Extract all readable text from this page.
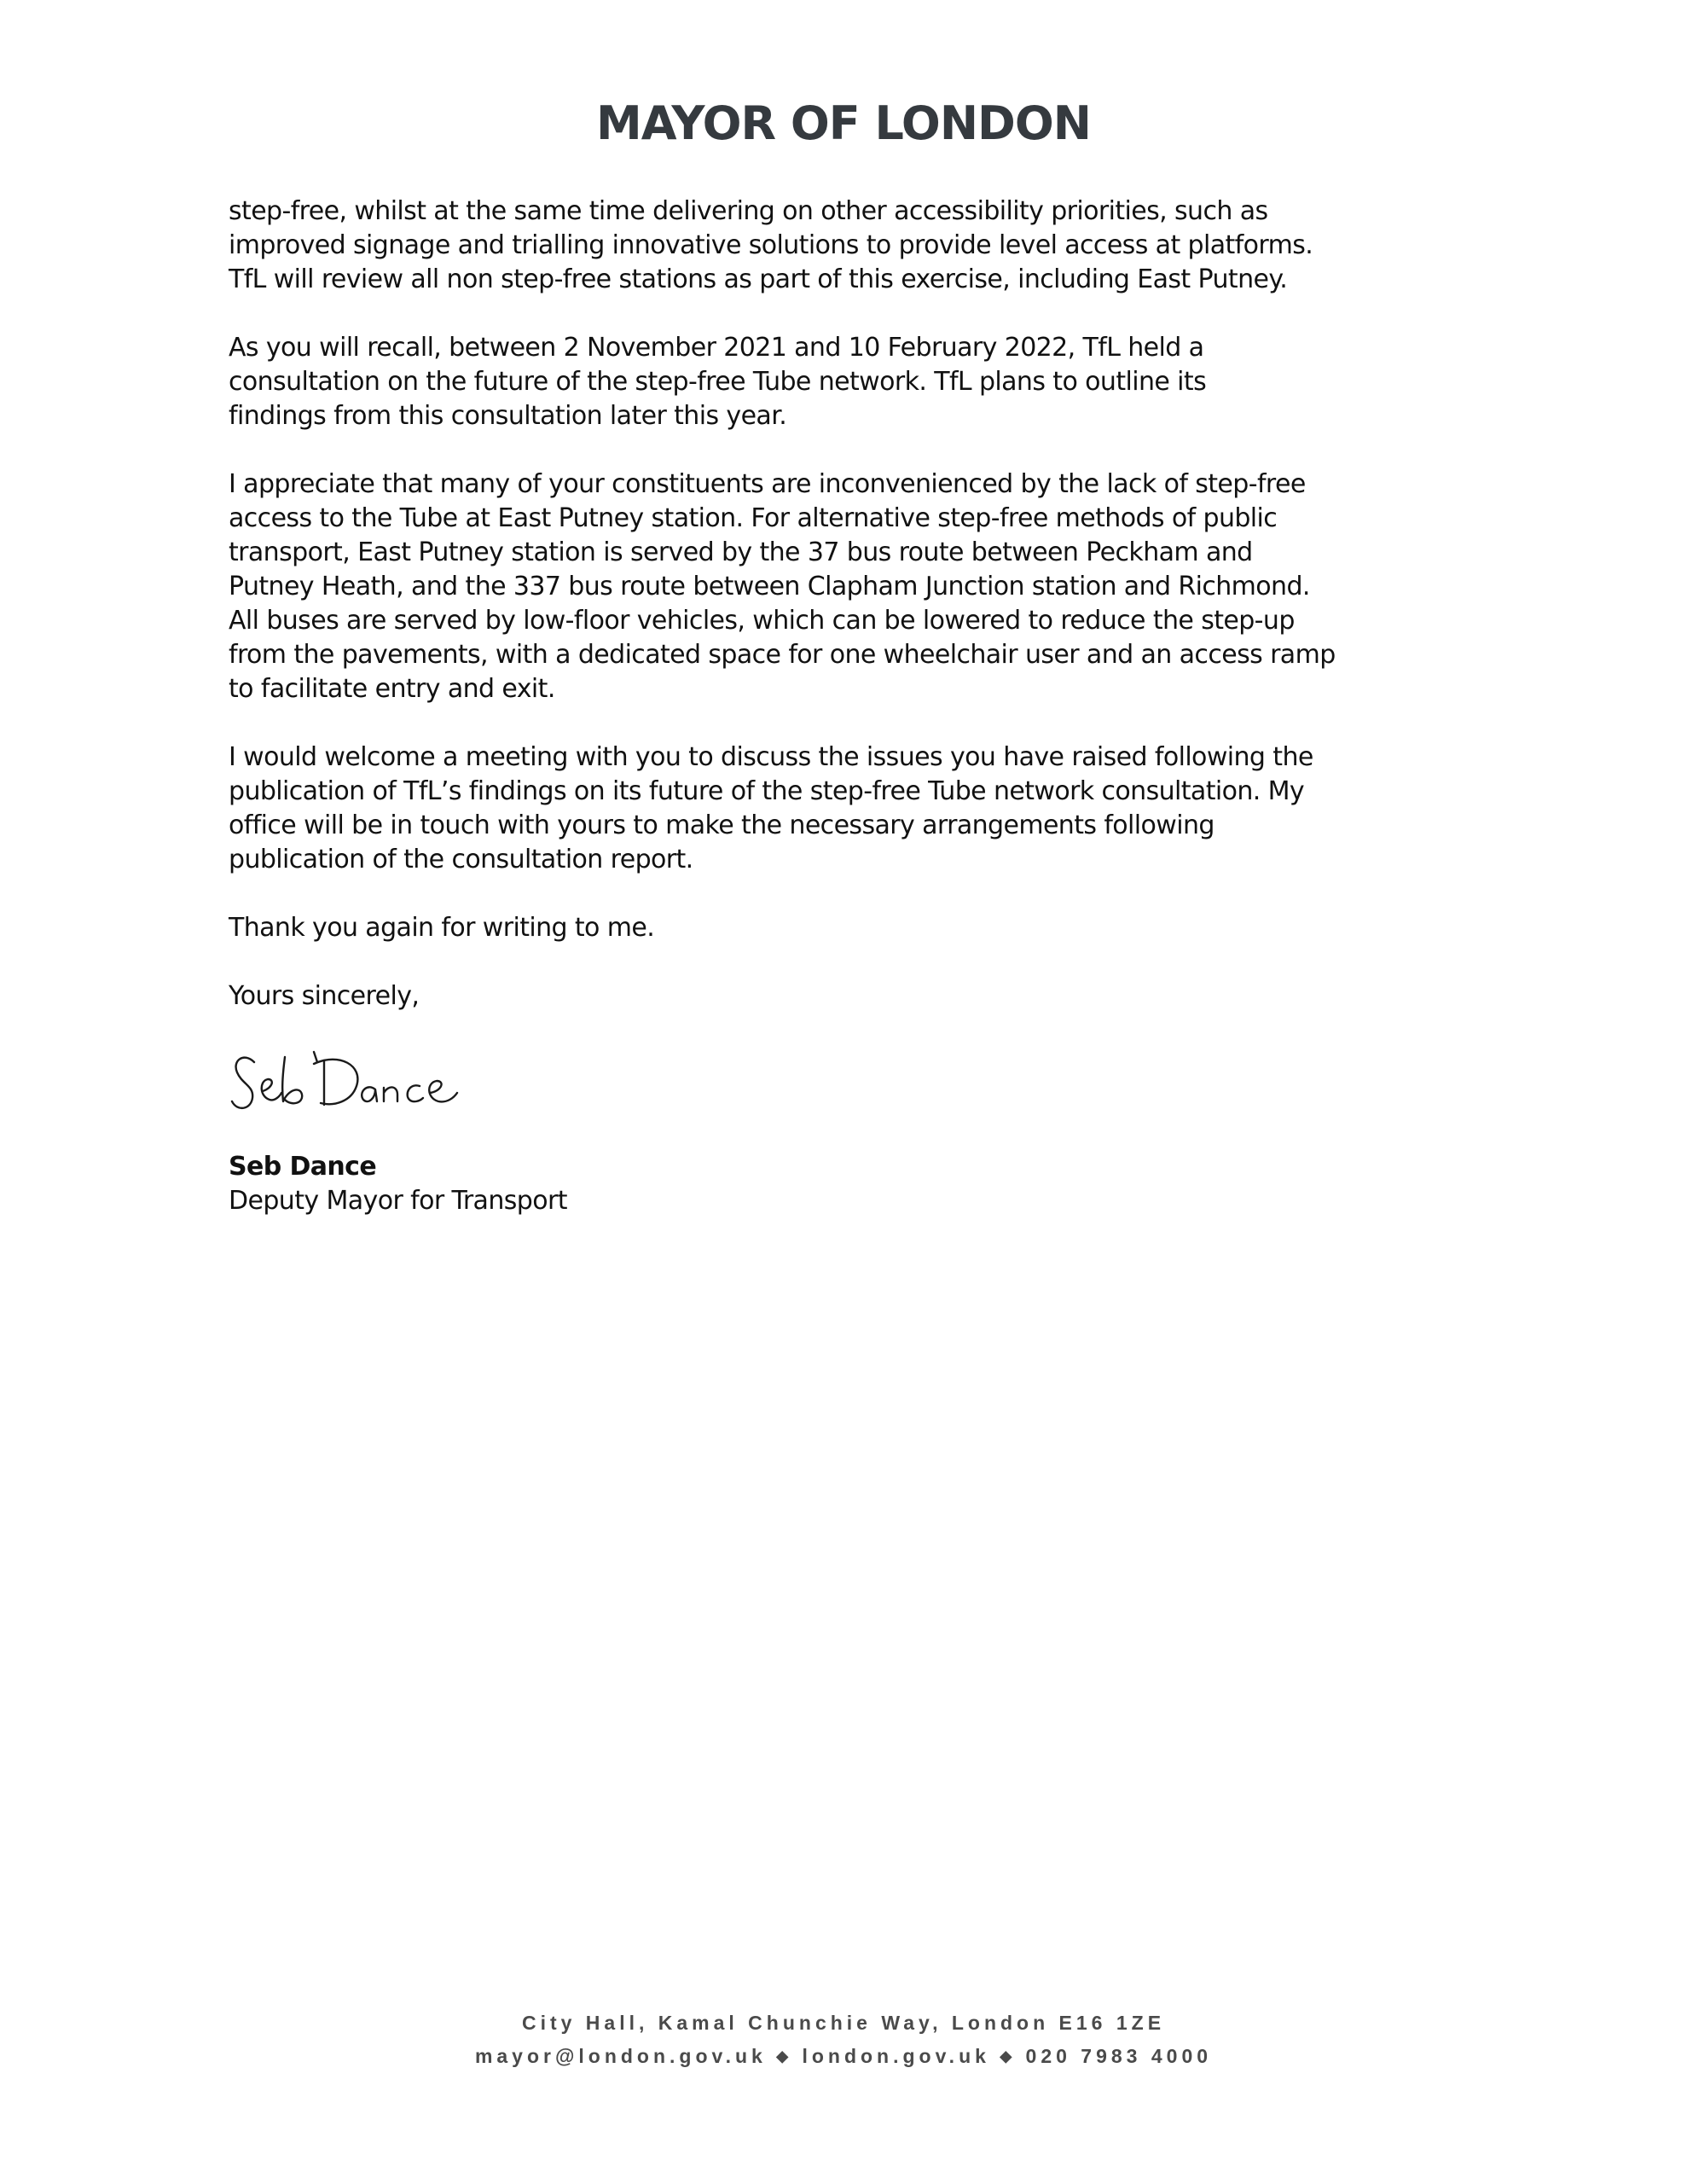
MAYOR OF LONDON

step-free, whilst at the same time delivering on other accessibility priorities, such as
improved signage and trialling innovative solutions to provide level access at platforms.
TfL will review all non step-free stations as part of this exercise, including East Putney.

As you will recall, between 2 November 2021 and 10 February 2022, TfL held a
consultation on the future of the step-free Tube network. TfL plans to outline its
findings from this consultation later this year.

I appreciate that many of your constituents are inconvenienced by the lack of step-free
access to the Tube at East Putney station. For alternative step-free methods of public
transport, East Putney station is served by the 37 bus route between Peckham and
Putney Heath, and the 337 bus route between Clapham Junction station and Richmond.
All buses are served by low-floor vehicles, which can be lowered to reduce the step-up
from the pavements, with a dedicated space for one wheelchair user and an access ramp
to facilitate entry and exit.

I would welcome a meeting with you to discuss the issues you have raised following the
publication of TfL’s findings on its future of the step-free Tube network consultation. My
office will be in touch with yours to make the necessary arrangements following
publication of the consultation report.

Thank you again for writing to me.

Yours sincerely,

Seb Dance

Deputy Mayor for Transport

City Hall, Kamal Chunchie Way, London E16 1ZE

mayor@london.gov.uk ◆ london.gov.uk ◆ 020 7983 4000
